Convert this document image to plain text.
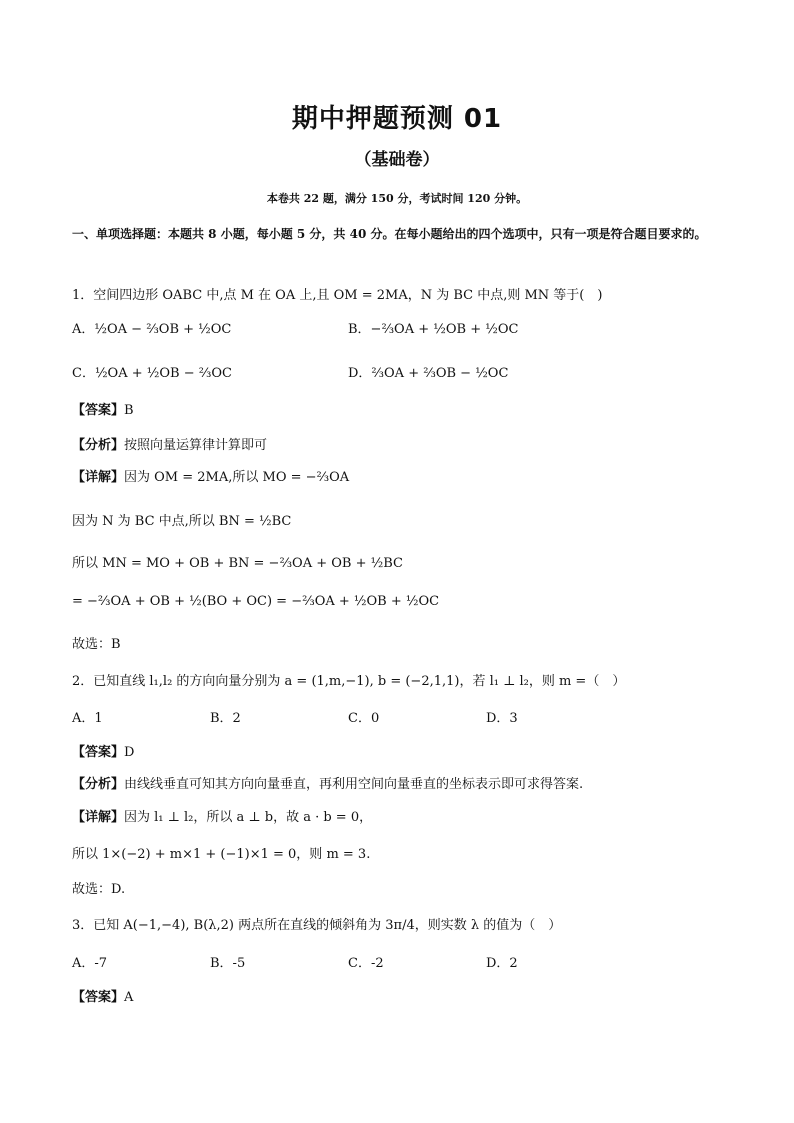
期中押题预测 01
（基础卷）
本卷共 22 题，满分 150 分，考试时间 120 分钟。
一、单项选择题：本题共 8 小题，每小题 5 分，共 40 分。在每小题给出的四个选项中，只有一项是符合题目要求的。
1．空间四边形 OABC 中,点 M 在 OA 上,且 OM = 2MA，N 为 BC 中点,则 MN 等于(　)
A．½OA − ⅔OB + ½OC	B．−⅔OA + ½OB + ½OC
C．½OA + ½OB − ⅔OC	D．⅔OA + ⅔OB − ½OC
【答案】B
【分析】按照向量运算律计算即可
【详解】因为 OM = 2MA,所以 MO = −⅔OA
因为 N 为 BC 中点,所以 BN = ½BC
所以 MN = MO + OB + BN = −⅔OA + OB + ½BC
= −⅔OA + OB + ½(BO + OC) = −⅔OA + ½OB + ½OC
故选：B
2．已知直线 l₁,l₂ 的方向向量分别为 a = (1,m,−1), b = (−2,1,1)，若 l₁ ⊥ l₂，则 m =（　）
A．1	B．2	C．0	D．3
【答案】D
【分析】由线线垂直可知其方向向量垂直，再利用空间向量垂直的坐标表示即可求得答案.
【详解】因为 l₁ ⊥ l₂，所以 a ⊥ b，故 a · b = 0，
所以 1×(−2) + m×1 + (−1)×1 = 0，则 m = 3.
故选：D.
3．已知 A(−1,−4), B(λ,2) 两点所在直线的倾斜角为 3π/4，则实数 λ 的值为（　）
A．-7	B．-5	C．-2	D．2
【答案】A
